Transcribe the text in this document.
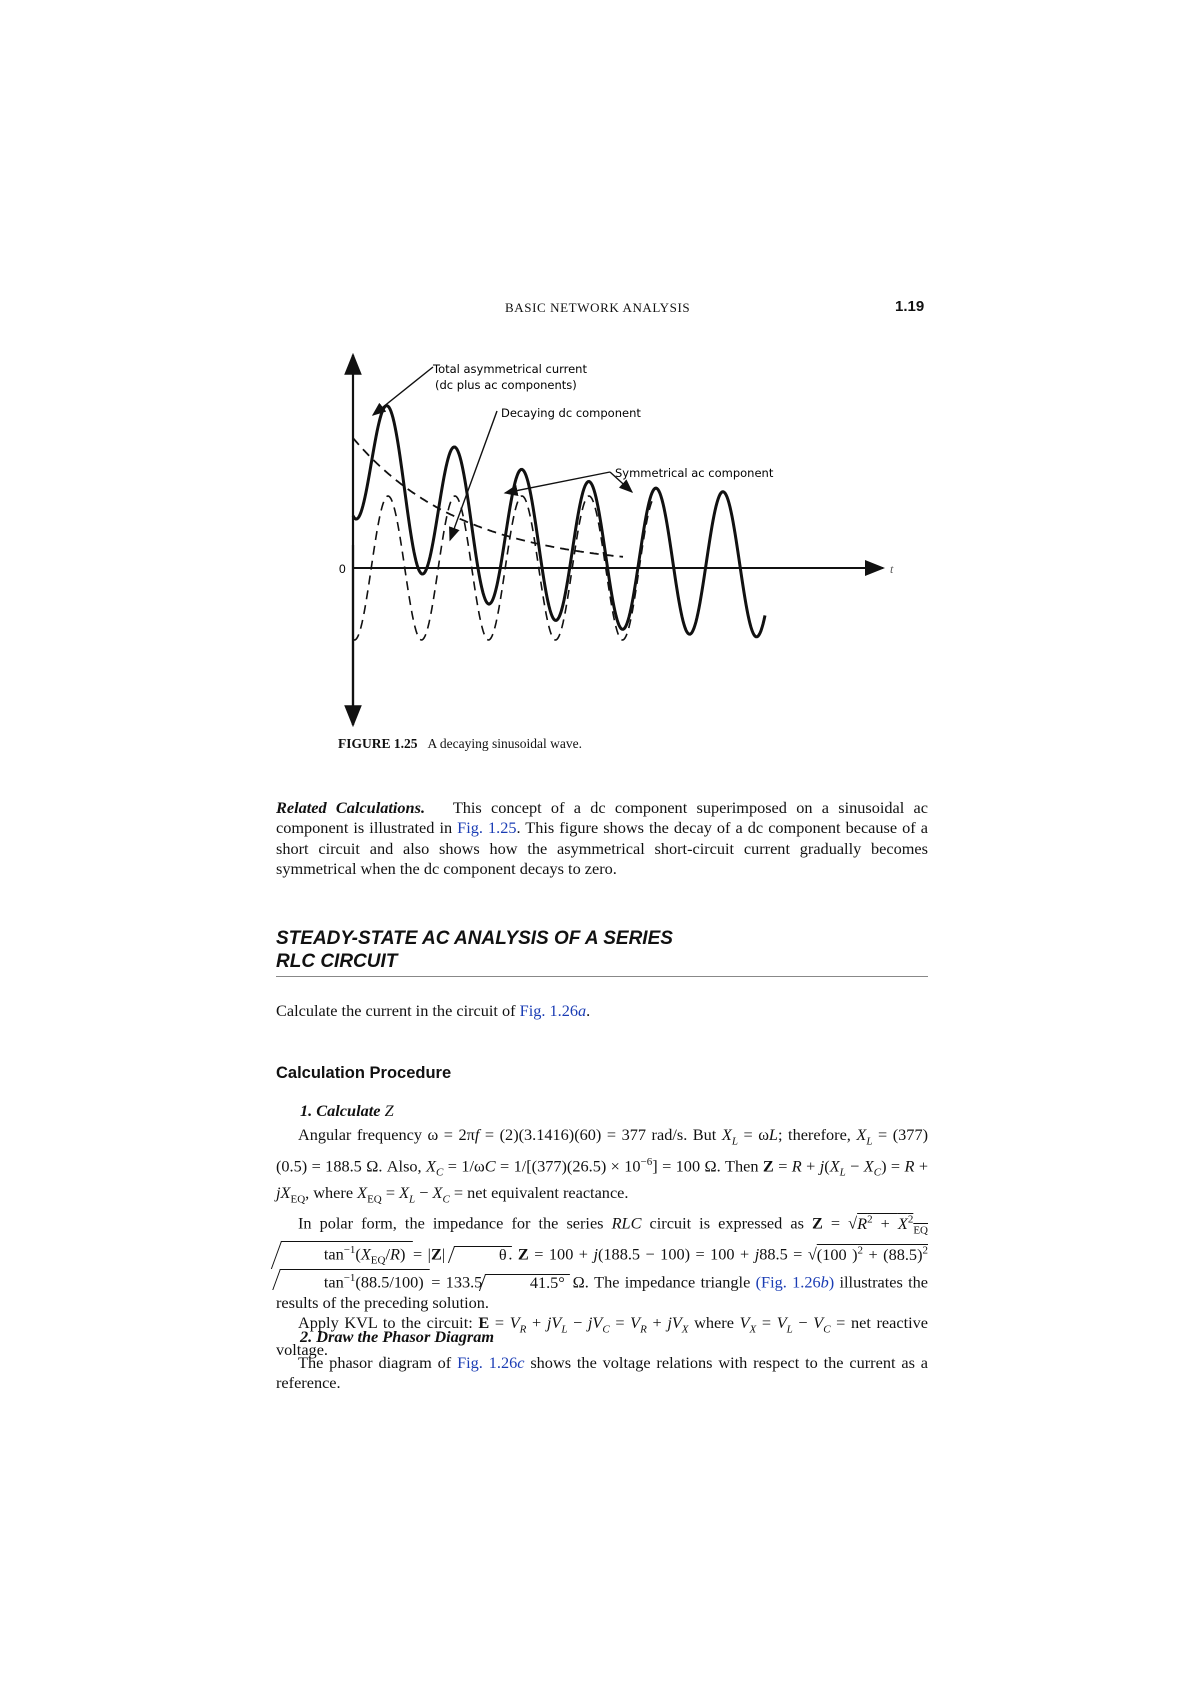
BASIC NETWORK ANALYSIS	1.19
0	t
Total asymmetrical current
(dc plus ac components)
Decaying dc component
Symmetrical ac component
FIGURE 1.25 A decaying sinusoidal wave.
Related Calculations. This concept of a dc component superimposed on a sinusoidal ac component is illustrated in Fig. 1.25. This figure shows the decay of a dc component because of a short circuit and also shows how the asymmetrical short-circuit current gradually becomes symmetrical when the dc component decays to zero.
STEADY-STATE AC ANALYSIS OF A SERIES
RLC CIRCUIT
Calculate the current in the circuit of Fig. 1.26a.
Calculation Procedure
1. Calculate Z
Angular frequency ω = 2πf = (2)(3.1416)(60) = 377 rad/s. But $X_L = \omega L$; therefore, $X_L = (377)(0.5) = 188.5$ Ω. Also, $X_C = 1/\omega C = 1/[(377)(26.5) \times 10^{-6}] = 100$ Ω. Then $Z = R + j(X_L - X_C) = R + jX_{EQ}$, where $X_{EQ} = X_L - X_C$ = net equivalent reactance.
In polar form, the impedance for the series RLC circuit is expressed as $Z = √R^2 + X^2_{EQ}$ $\tan^{-1}(X_{EQ}/R) = |Z|$	θ . Z = 100 + j(188.5 − 100) = 100 + j88.5 = √(100 )$^2 + (88.5)^2$ $\tan^{-1}(88.5/100) = 133.5$	41.5° Ω. The impedance triangle (Fig. 1.26b) illustrates the results of the preceding solution.
Apply KVL to the circuit: $E = V_R + jV_L - jV_C = V_R + jV_X$ where $V_X = V_L - V_C$ = net reactive voltage.
2. Draw the Phasor Diagram
The phasor diagram of Fig. 1.26c shows the voltage relations with respect to the current as a reference.
